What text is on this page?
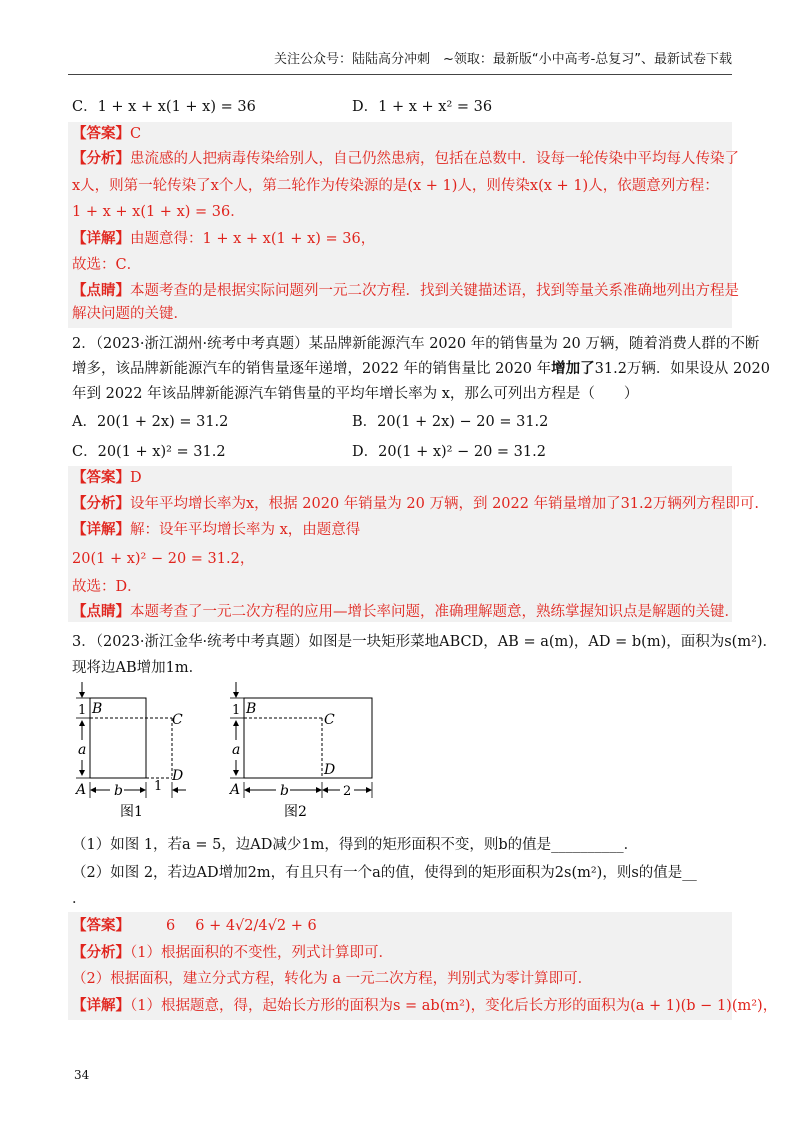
关注公众号：陆陆高分冲刺　~领取：最新版“小中高考-总复习”、最新试卷下载
C．1 + x + x(1 + x) = 36	D．1 + x + x² = 36
【答案】C
【分析】患流感的人把病毒传染给别人，自己仍然患病，包括在总数中．设每一轮传染中平均每人传染了
x人，则第一轮传染了x个人，第二轮作为传染源的是(x + 1)人，则传染x(x + 1)人，依题意列方程：
1 + x + x(1 + x) = 36．
【详解】由题意得：1 + x + x(1 + x) = 36，
故选：C．
【点睛】本题考查的是根据实际问题列一元二次方程．找到关键描述语，找到等量关系准确地列出方程是
解决问题的关键．
2．（2023·浙江湖州·统考中考真题）某品牌新能源汽车 2020 年的销售量为 20 万辆，随着消费人群的不断
增多，该品牌新能源汽车的销售量逐年递增，2022 年的销售量比 2020 年增加了31.2万辆．如果设从 2020
年到 2022 年该品牌新能源汽车销售量的平均年增长率为 x，那么可列出方程是（　　）
A．20(1 + 2x) = 31.2	B．20(1 + 2x) − 20 = 31.2
C．20(1 + x)² = 31.2	D．20(1 + x)² − 20 = 31.2
【答案】D
【分析】设年平均增长率为x，根据 2020 年销量为 20 万辆，到 2022 年销量增加了31.2万辆列方程即可.
【详解】解：设年平均增长率为 x，由题意得
20(1 + x)² − 20 = 31.2，
故选：D．
【点睛】本题考查了一元二次方程的应用—增长率问题，准确理解题意，熟练掌握知识点是解题的关键．
3．（2023·浙江金华·统考中考真题）如图是一块矩形菜地ABCD，AB = a(m)，AD = b(m)，面积为s(m²)．
现将边AB增加1m．
1
a
B
C
D
A b 1
图1
1
a
B
C
D
A	b	2
图2
（1）如图 1，若a = 5，边AD减少1m，得到的矩形面积不变，则b的值是__________．
（2）如图 2，若边AD增加2m，有且只有一个a的值，使得到的矩形面积为2s(m²)，则s的值是__
．
【答案】 6 6 + 4√2/4√2 + 6
【分析】（1）根据面积的不变性，列式计算即可．
（2）根据面积，建立分式方程，转化为 a 一元二次方程，判别式为零计算即可．
【详解】（1）根据题意，得，起始长方形的面积为s = ab(m²)，变化后长方形的面积为(a + 1)(b − 1)(m²)，
34
